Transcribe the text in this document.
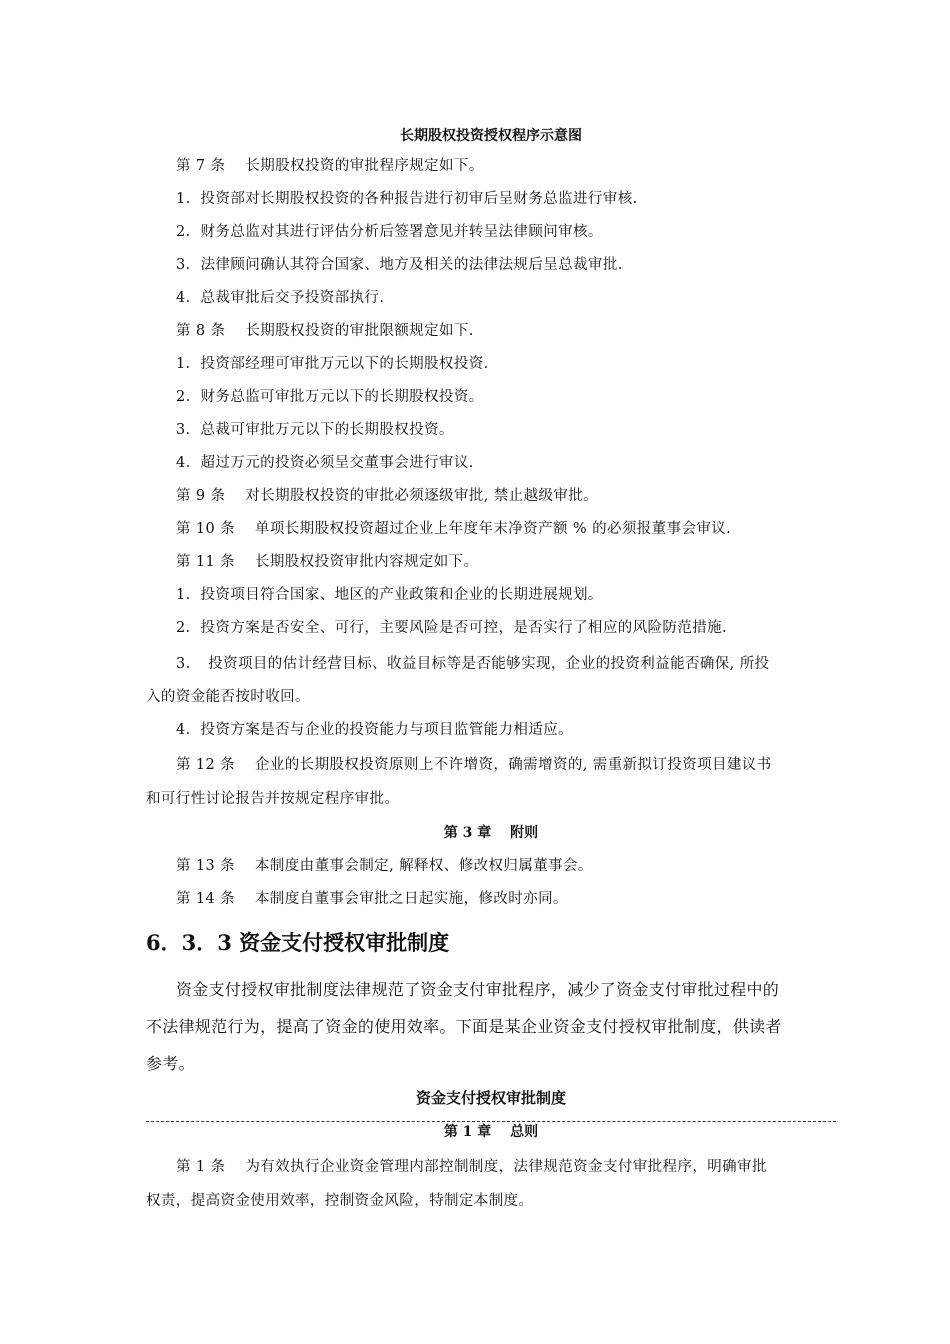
长期股权投资授权程序示意图
第 7 条　 长期股权投资的审批程序规定如下。
1．投资部对长期股权投资的各种报告进行初审后呈财务总监进行审核.
2．财务总监对其进行评估分析后签署意见并转呈法律顾问审核。
3．法律顾问确认其符合国家、地方及相关的法律法规后呈总裁审批.
4．总裁审批后交予投资部执行.
第 8 条　 长期股权投资的审批限额规定如下.
1．投资部经理可审批万元以下的长期股权投资.
2．财务总监可审批万元以下的长期股权投资。
3．总裁可审批万元以下的长期股权投资。
4．超过万元的投资必须呈交董事会进行审议.
第 9 条　 对长期股权投资的审批必须逐级审批, 禁止越级审批。
第 10 条　 单项长期股权投资超过企业上年度年末净资产额 % 的必须报董事会审议.
第 11 条　 长期股权投资审批内容规定如下。
1．投资项目符合国家、地区的产业政策和企业的长期进展规划。
2．投资方案是否安全、可行，主要风险是否可控，是否实行了相应的风险防范措施.
3．　投资项目的估计经营目标、收益目标等是否能够实现，企业的投资利益能否确保, 所投
入的资金能否按时收回。
4．投资方案是否与企业的投资能力与项目监管能力相适应。
第 12 条　 企业的长期股权投资原则上不许增资，确需增资的, 需重新拟订投资项目建议书
和可行性讨论报告并按规定程序审批。
第 3 章　 附则
第 13 条　 本制度由董事会制定, 解释权、修改权归属董事会。
第 14 条　 本制度自董事会审批之日起实施，修改时亦同。
6．3．3 资金支付授权审批制度
资金支付授权审批制度法律规范了资金支付审批程序，减少了资金支付审批过程中的
不法律规范行为，提高了资金的使用效率。下面是某企业资金支付授权审批制度，供读者
参考。
资金支付授权审批制度
第 1 章　 总则
第 1 条　 为有效执行企业资金管理内部控制制度，法律规范资金支付审批程序，明确审批
权责，提高资金使用效率，控制资金风险，特制定本制度。
